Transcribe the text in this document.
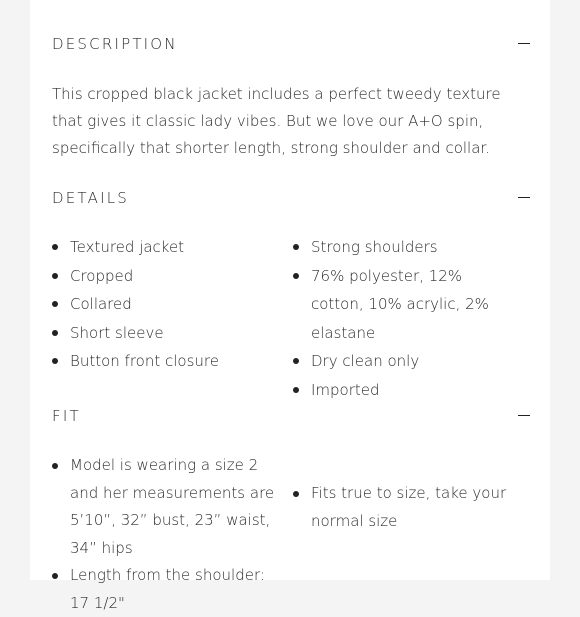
DESCRIPTION
This cropped black jacket includes a perfect tweedy texture that gives it classic lady vibes. But we love our A+O spin, specifically that shorter length, strong shoulder and collar.
DETAILS
Textured jacket
Cropped
Collared
Short sleeve
Button front closure
Strong shoulders
76% polyester, 12% cotton, 10% acrylic, 2% elastane
Dry clean only
Imported
FIT
Model is wearing a size 2 and her measurements are 5’10”, 32” bust, 23” waist, 34” hips
Length from the shoulder: 17 1/2"
Fits true to size, take your normal size
